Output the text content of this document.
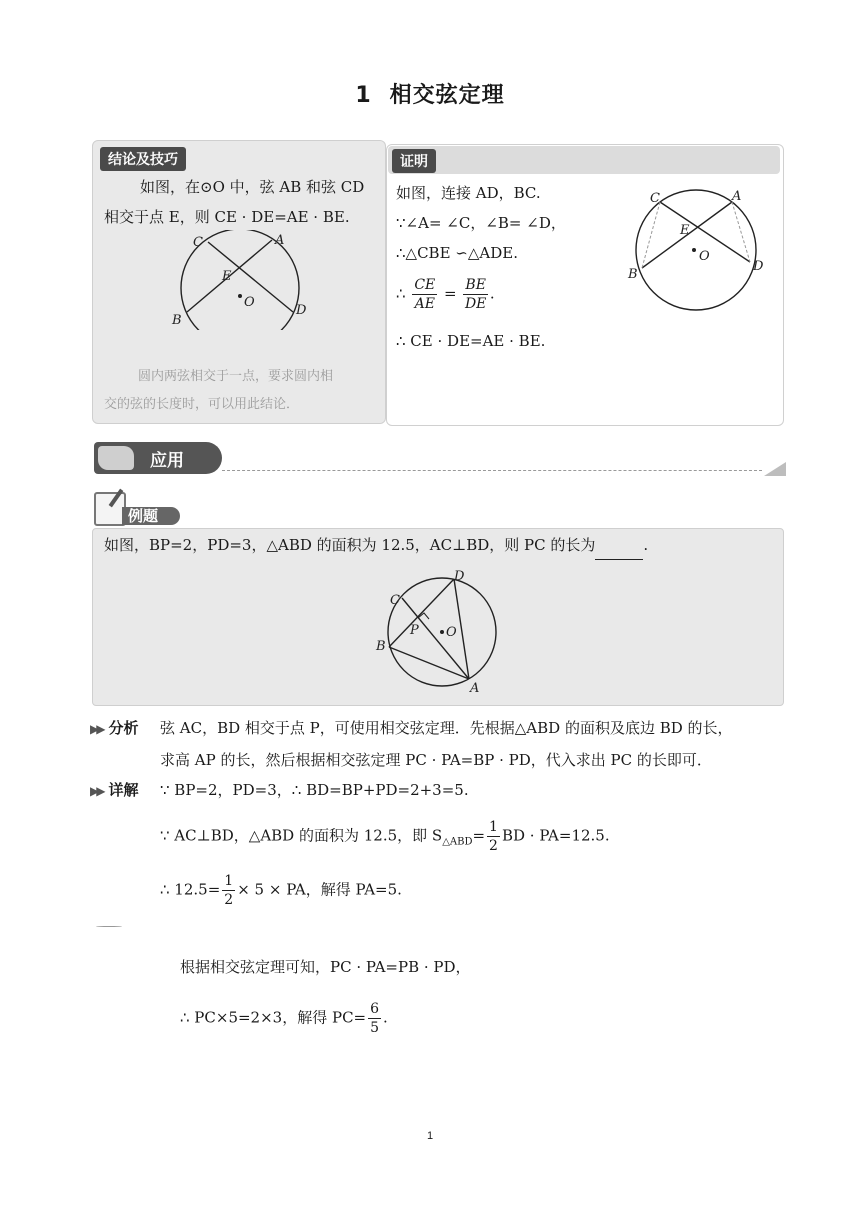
1 相交弦定理
结论及技巧
如图，在⊙O 中，弦 AB 和弦 CD
相交于点 E，则 CE · DE=AE · BE.
C	A
E
O
B
D
圆内两弦相交于一点，要求圆内相
交的弦的长度时，可以用此结论．
证明
如图，连接 AD，BC.
∵∠A= ∠C，∠B= ∠D，
∴△CBE ∽△ADE.
∴ $\frac{CE}{AE} = \frac{BE}{DE}$ .
∴ CE · DE=AE · BE.
C	A
E
O
B
D
应用
例题
如图，BP=2，PD=3，△ABD 的面积为 12.5，AC⊥BD，则 PC 的长为	.
D
C
P O
B
A
▶▶ 分析 弦 AC，BD 相交于点 P，可使用相交弦定理．先根据△ABD 的面积及底边 BD 的长，
求高 AP 的长，然后根据相交弦定理 PC · PA=BP · PD，代入求出 PC 的长即可．
▶▶ 详解 ∵ BP=2，PD=3，∴ BD=BP+PD=2+3=5.
∵ AC⊥BD，△ABD 的面积为 12.5，即 $S_{\triangle ABD}= \frac{1}{2}$ BD · PA=12.5.
∴ $12.5= \frac{1}{2} \times 5$ × PA，解得 PA=5.
根据相交弦定理可知，PC · PA=PB · PD，
∴ PC×5=2×3，解得 $PC= \frac{6}{5}$ .
1
